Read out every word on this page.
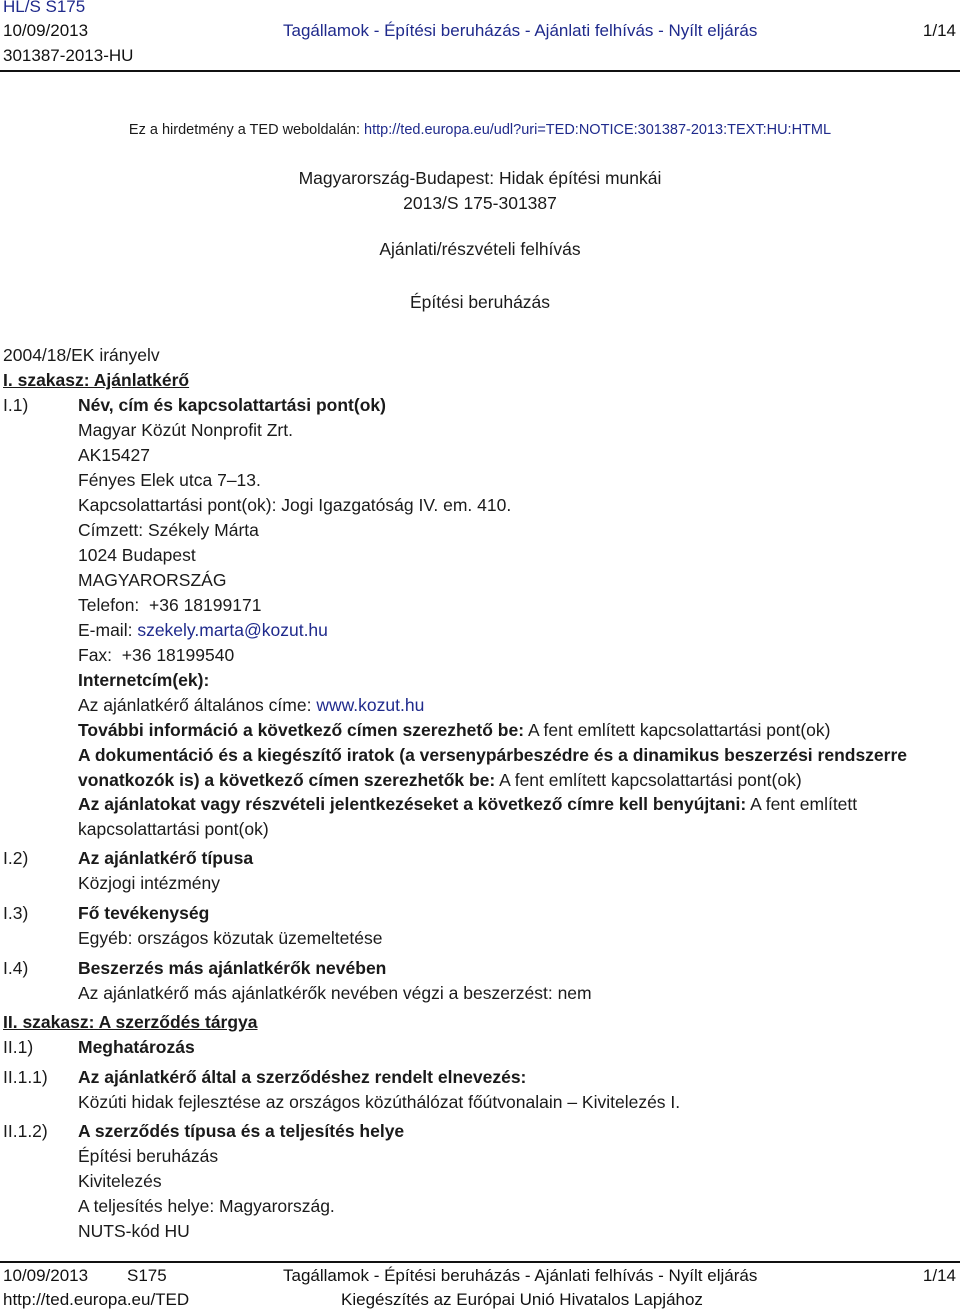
HL/S S175
10/09/2013	Tagállamok - Építési beruházás - Ajánlati felhívás - Nyílt eljárás	1/14
301387-2013-HU
Ez a hirdetmény a TED weboldalán: http://ted.europa.eu/udl?uri=TED:NOTICE:301387-2013:TEXT:HU:HTML
Magyarország-Budapest: Hidak építési munkái
2013/S 175-301387
Ajánlati/részvételi felhívás
Építési beruházás
2004/18/EK irányelv
I. szakasz: Ajánlatkérő
I.1)	Név, cím és kapcsolattartási pont(ok)
Magyar Közút Nonprofit Zrt.
AK15427
Fényes Elek utca 7–13.
Kapcsolattartási pont(ok): Jogi Igazgatóság IV. em. 410.
Címzett: Székely Márta
1024 Budapest
MAGYARORSZÁG
Telefon: +36 18199171
E-mail: szekely.marta@kozut.hu
Fax: +36 18199540
Internetcím(ek):
Az ajánlatkérő általános címe: www.kozut.hu
További információ a következő címen szerezhető be: A fent említett kapcsolattartási pont(ok)
A dokumentáció és a kiegészítő iratok (a versenypárbeszédre és a dinamikus beszerzési rendszerre
vonatkozók is) a következő címen szerezhetők be: A fent említett kapcsolattartási pont(ok)
Az ajánlatokat vagy részvételi jelentkezéseket a következő címre kell benyújtani: A fent említett
kapcsolattartási pont(ok)
I.2)	Az ajánlatkérő típusa
Közjogi intézmény
I.3)	Fő tevékenység
Egyéb: országos közutak üzemeltetése
I.4)	Beszerzés más ajánlatkérők nevében
Az ajánlatkérő más ajánlatkérők nevében végzi a beszerzést: nem
II. szakasz: A szerződés tárgya
II.1)	Meghatározás
II.1.1) Az ajánlatkérő által a szerződéshez rendelt elnevezés:
Közúti hidak fejlesztése az országos közúthálózat főútvonalain – Kivitelezés I.
II.1.2) A szerződés típusa és a teljesítés helye
Építési beruházás
Kivitelezés
A teljesítés helye: Magyarország.
NUTS-kód HU
10/09/2013 S175	Tagállamok - Építési beruházás - Ajánlati felhívás - Nyílt eljárás	1/14
http://ted.europa.eu/TED	Kiegészítés az Európai Unió Hivatalos Lapjához
